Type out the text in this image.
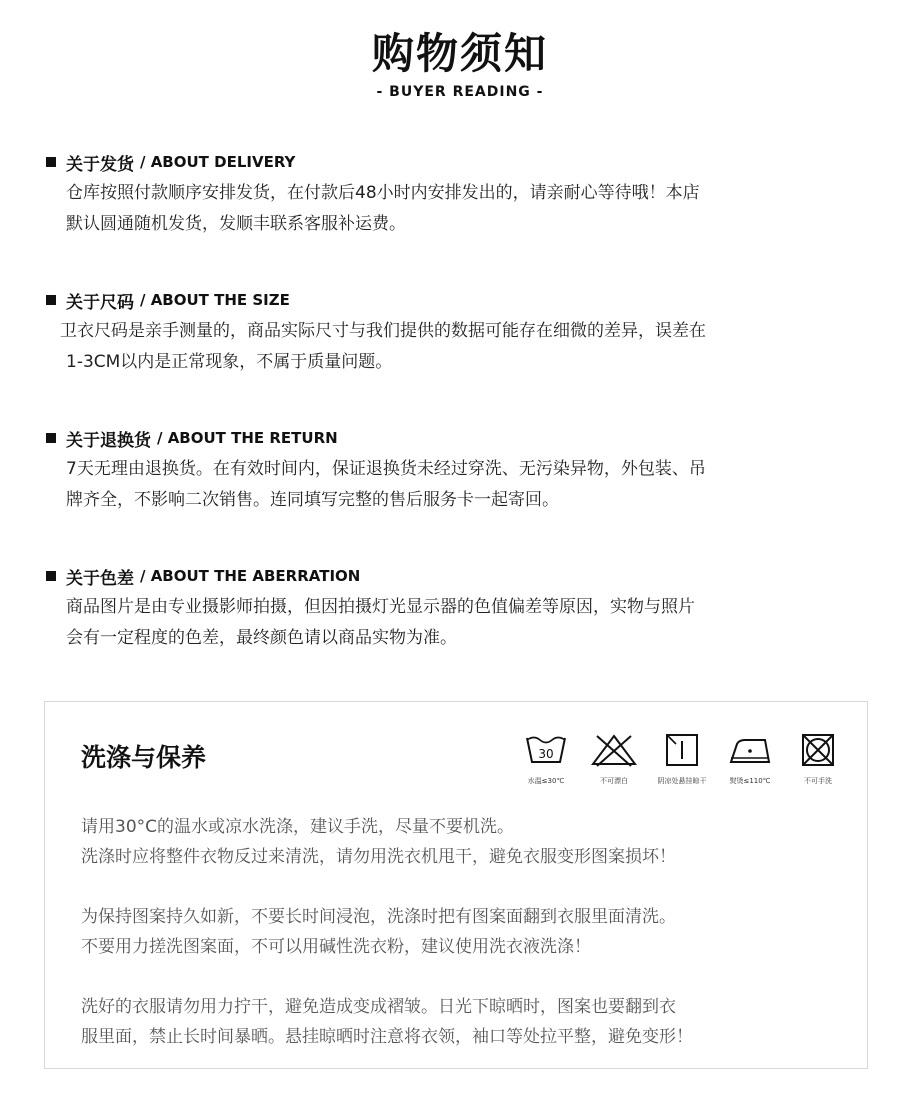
购物须知
- BUYER READING -
关于发货 / ABOUT DELIVERY

仓库按照付款顺序安排发货，在付款后48小时内安排发出的，请亲耐心等待哦！本店

默认圆通随机发货，发顺丰联系客服补运费。

关于尺码 / ABOUT THE SIZE

卫衣尺码是亲手测量的，商品实际尺寸与我们提供的数据可能存在细微的差异，误差在

1-3CM以内是正常现象，不属于质量问题。

关于退换货 / ABOUT THE RETURN

7天无理由退换货。在有效时间内，保证退换货未经过穿洗、无污染异物，外包装、吊

牌齐全，不影响二次销售。连同填写完整的售后服务卡一起寄回。

关于色差 / ABOUT THE ABERRATION

商品图片是由专业摄影师拍摄，但因拍摄灯光显示器的色值偏差等原因，实物与照片

会有一定程度的色差，最终颜色请以商品实物为准。

洗涤与保养	30
水温≤30℃	不可漂白	阴凉处悬挂晾干	熨烫≤110℃	不可手洗

请用30°C的温水或凉水洗涤，建议手洗，尽量不要机洗。

洗涤时应将整件衣物反过来清洗，请勿用洗衣机甩干，避免衣服变形图案损坏！

为保持图案持久如新，不要长时间浸泡，洗涤时把有图案面翻到衣服里面清洗。

不要用力搓洗图案面，不可以用碱性洗衣粉，建议使用洗衣液洗涤！

洗好的衣服请勿用力拧干，避免造成变成褶皱。日光下晾晒时，图案也要翻到衣

服里面，禁止长时间暴晒。悬挂晾晒时注意将衣领，袖口等处拉平整，避免变形！
